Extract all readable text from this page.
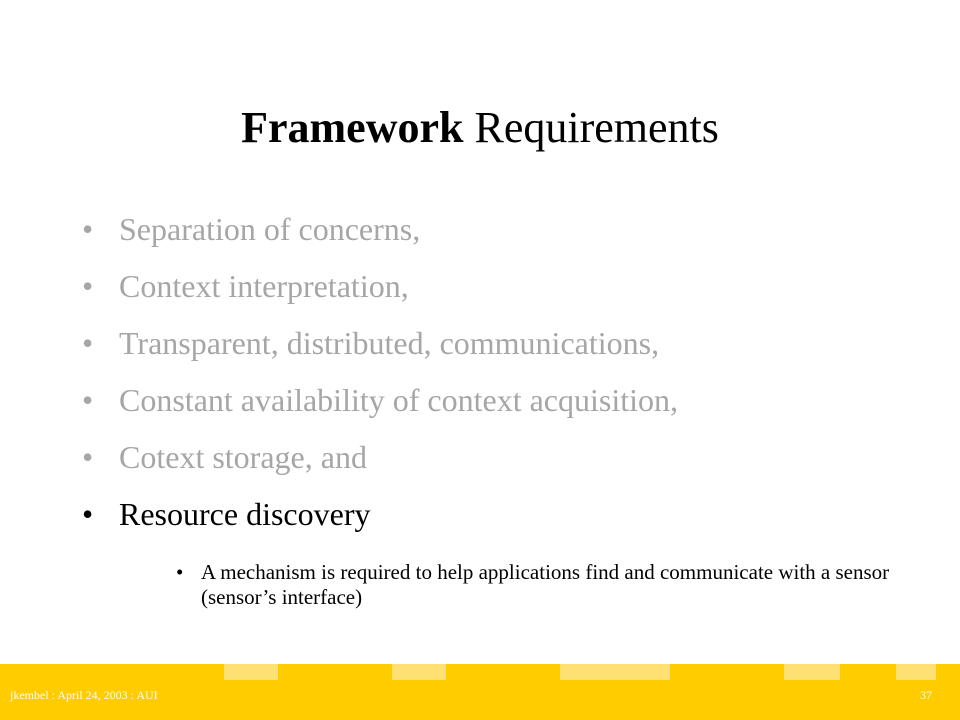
Framework Requirements
• Separation of concerns,
• Context interpretation,
• Transparent, distributed, communications,
• Constant availability of context acquisition,
• Cotext storage, and
• Resource discovery
• A mechanism is required to help applications find and communicate with a sensor (sensor’s interface)
jkembel : April 24, 2003 : AUI	37
